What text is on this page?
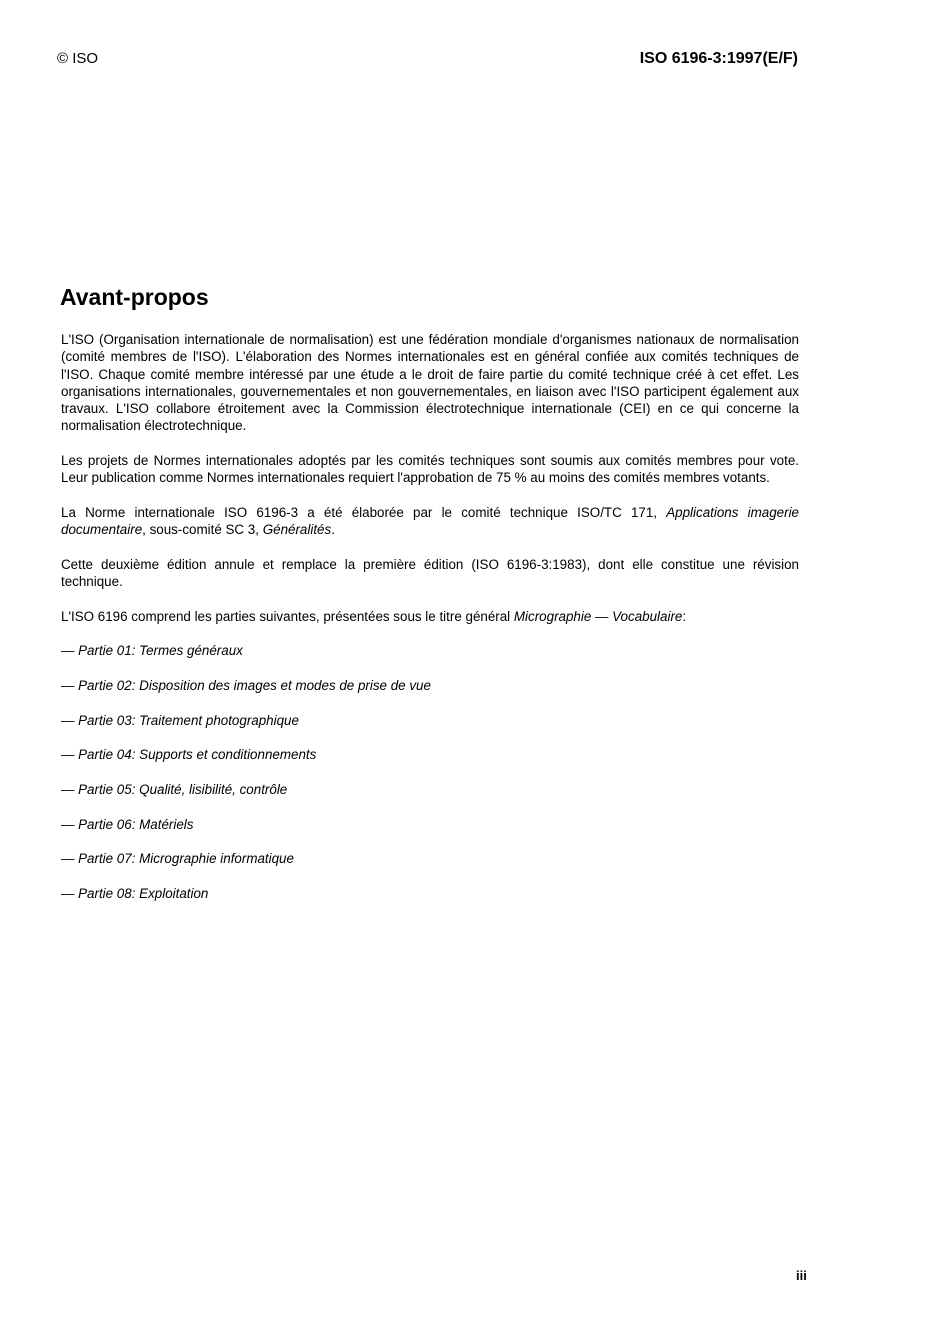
© ISO	ISO 6196-3:1997(E/F)
Avant-propos

L'ISO (Organisation internationale de normalisation) est une fédération mondiale d'organismes nationaux de normalisation (comité membres de l'ISO). L'élaboration des Normes internationales est en général confiée aux comités techniques de l'ISO. Chaque comité membre intéressé par une étude a le droit de faire partie du comité technique créé à cet effet. Les organisations internationales, gouvernementales et non gouvernementales, en liaison avec l'ISO participent également aux travaux. L'ISO collabore étroitement avec la Commission électrotechnique internationale (CEI) en ce qui concerne la normalisation électrotechnique.

Les projets de Normes internationales adoptés par les comités techniques sont soumis aux comités membres pour vote. Leur publication comme Normes internationales requiert l'approbation de 75 % au moins des comités membres votants.

La Norme internationale ISO 6196-3 a été élaborée par le comité technique ISO/TC 171, Applications imagerie documentaire, sous-comité SC 3, Généralités.

Cette deuxième édition annule et remplace la première édition (ISO 6196-3:1983), dont elle constitue une révision technique.

L'ISO 6196 comprend les parties suivantes, présentées sous le titre général Micrographie — Vocabulaire:

— Partie 01: Termes généraux
— Partie 02: Disposition des images et modes de prise de vue
— Partie 03: Traitement photographique
— Partie 04: Supports et conditionnements
— Partie 05: Qualité, lisibilité, contrôle
— Partie 06: Matériels
— Partie 07: Micrographie informatique
— Partie 08: Exploitation
iii
